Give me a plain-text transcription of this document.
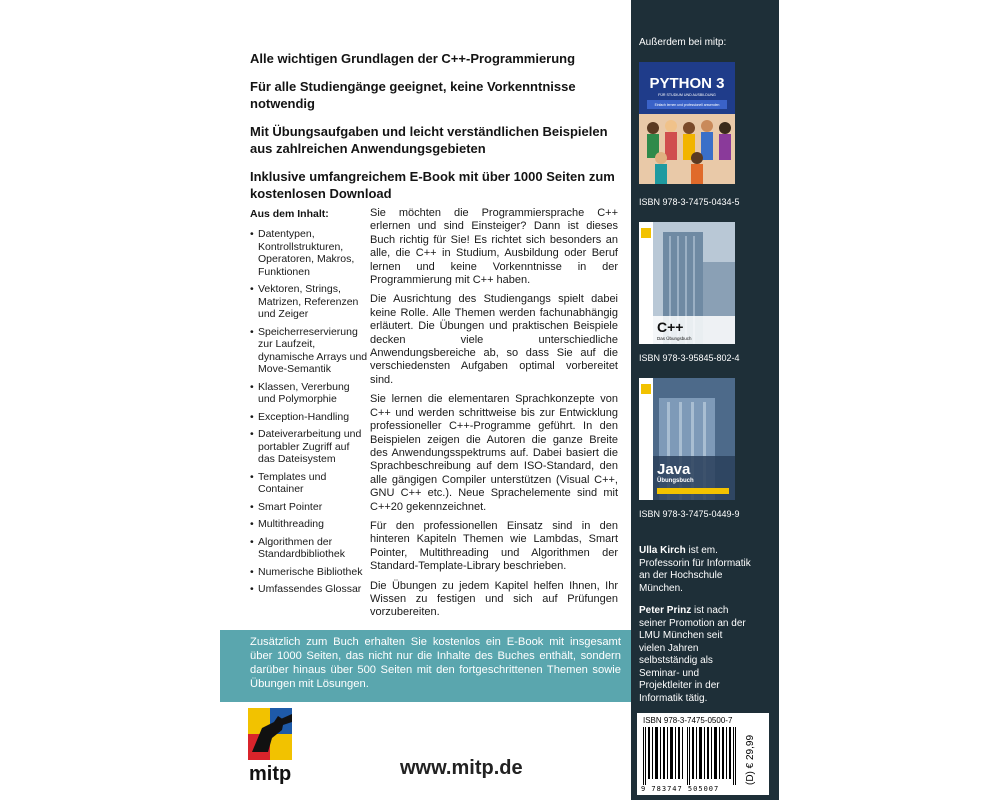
Alle wichtigen Grundlagen der C++-Programmierung

Für alle Studiengänge geeignet, keine Vorkenntnisse notwendig

Mit Übungsaufgaben und leicht verständlichen Beispielen aus zahlreichen Anwendungsgebieten

Inklusive umfangreichem E-Book mit über 1000 Seiten zum kostenlosen Download

Aus dem Inhalt:
• Datentypen, Kontrollstrukturen, Operatoren, Makros, Funktionen
• Vektoren, Strings, Matrizen, Referenzen und Zeiger
• Speicherreservierung zur Laufzeit, dynamische Arrays und Move-Semantik
• Klassen, Vererbung und Polymorphie
• Exception-Handling
• Dateiverarbeitung und portabler Zugriff auf das Dateisystem
• Templates und Container
• Smart Pointer
• Multithreading
• Algorithmen der Standardbibliothek
• Numerische Bibliothek
• Umfassendes Glossar

Sie möchten die Programmiersprache C++ erlernen und sind Einsteiger? Dann ist dieses Buch richtig für Sie! Es richtet sich besonders an alle, die C++ in Studium, Ausbildung oder Beruf lernen und keine Vorkenntnisse in der Programmierung mit C++ haben.

Die Ausrichtung des Studiengangs spielt dabei keine Rolle. Alle Themen werden fachunabhängig erläutert. Die Übungen und praktischen Beispiele decken viele unterschiedliche Anwendungsbereiche ab, so dass Sie auf die verschiedensten Aufgaben optimal vorbereitet sind.

Sie lernen die elementaren Sprachkonzepte von C++ und werden schrittweise bis zur Entwicklung professioneller C++-Programme geführt. In den Beispielen zeigen die Autoren die ganze Breite des Anwendungsspektrums auf. Dabei basiert die Sprachbeschreibung auf dem ISO-Standard, den alle gängigen Compiler unterstützen (Visual C++, GNU C++ etc.). Neue Sprachelemente sind mit C++20 gekennzeichnet.

Für den professionellen Einsatz sind in den hinteren Kapiteln Themen wie Lambdas, Smart Pointer, Multithreading und Algorithmen der Standard-Template-Library beschrieben.

Die Übungen zu jedem Kapitel helfen Ihnen, Ihr Wissen zu festigen und sich auf Prüfungen vorzubereiten.

Zusätzlich zum Buch erhalten Sie kostenlos ein E-Book mit insgesamt über 1000 Seiten, das nicht nur die Inhalte des Buches enthält, sondern darüber hinaus über 500 Seiten mit den fortgeschrittenen Themen sowie Übungen mit Lösungen.

mitp	www.mitp.de
Außerdem bei mitp:
PYTHON 3
FÜR STUDIUM UND AUSBILDUNG
Einfach lernen und professionell anwenden
ISBN 978-3-7475-0434-5
C++
Das Übungsbuch
ISBN 978-3-95845-802-4
Java
Übungsbuch
ISBN 978-3-7475-0449-9

Ulla Kirch ist em. Professorin für Informatik an der Hochschule München.

Peter Prinz ist nach seiner Promotion an der LMU München seit vielen Jahren selbstständig als Seminar- und Projektleiter in der Informatik tätig.

ISBN 978-3-7475-0500-7
9 783747 505007
(D) € 29,99
